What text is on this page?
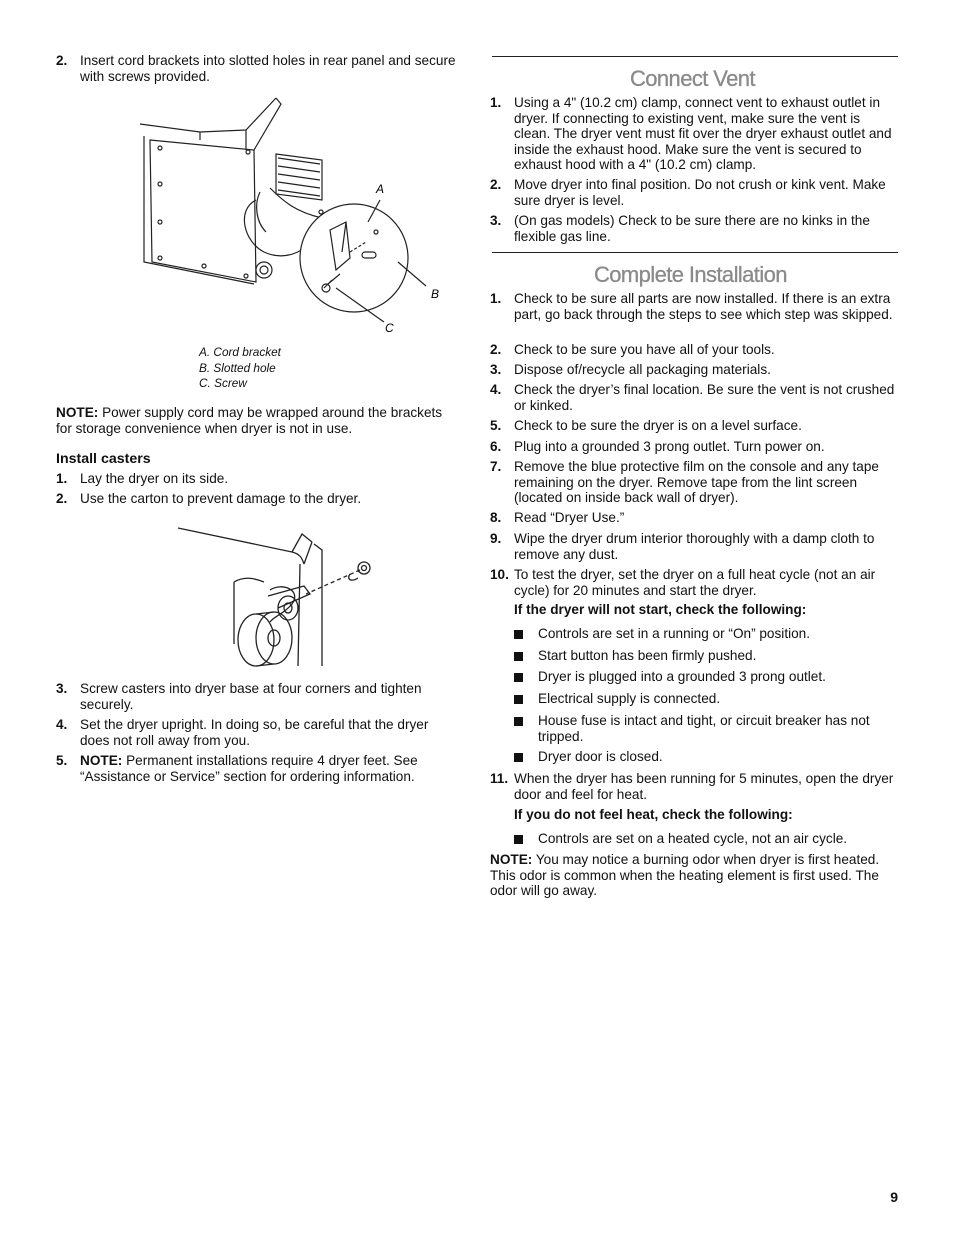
2. Insert cord brackets into slotted holes in rear panel and secure with screws provided.
A
B
C
A. Cord bracket
B. Slotted hole
C. Screw
NOTE: Power supply cord may be wrapped around the brackets for storage convenience when dryer is not in use.
Install casters
1. Lay the dryer on its side.
2. Use the carton to prevent damage to the dryer.
3. Screw casters into dryer base at four corners and tighten securely.
4. Set the dryer upright. In doing so, be careful that the dryer does not roll away from you.
5. NOTE: Permanent installations require 4 dryer feet. See “Assistance or Service” section for ordering information.
Connect Vent
1. Using a 4" (10.2 cm) clamp, connect vent to exhaust outlet in dryer. If connecting to existing vent, make sure the vent is clean. The dryer vent must fit over the dryer exhaust outlet and inside the exhaust hood. Make sure the vent is secured to exhaust hood with a 4" (10.2 cm) clamp.
2. Move dryer into final position. Do not crush or kink vent. Make sure dryer is level.
3. (On gas models) Check to be sure there are no kinks in the flexible gas line.
Complete Installation
1. Check to be sure all parts are now installed. If there is an extra part, go back through the steps to see which step was skipped.
2. Check to be sure you have all of your tools.
3. Dispose of/recycle all packaging materials.
4. Check the dryer’s final location. Be sure the vent is not crushed or kinked.
5. Check to be sure the dryer is on a level surface.
6. Plug into a grounded 3 prong outlet. Turn power on.
7. Remove the blue protective film on the console and any tape remaining on the dryer. Remove tape from the lint screen (located on inside back wall of dryer).
8. Read “Dryer Use.”
9. Wipe the dryer drum interior thoroughly with a damp cloth to remove any dust.
10. To test the dryer, set the dryer on a full heat cycle (not an air cycle) for 20 minutes and start the dryer.
If the dryer will not start, check the following:
Controls are set in a running or “On” position.
Start button has been firmly pushed.
Dryer is plugged into a grounded 3 prong outlet.
Electrical supply is connected.
House fuse is intact and tight, or circuit breaker has not tripped.
Dryer door is closed.
11. When the dryer has been running for 5 minutes, open the dryer door and feel for heat.
If you do not feel heat, check the following:
Controls are set on a heated cycle, not an air cycle.
NOTE: You may notice a burning odor when dryer is first heated. This odor is common when the heating element is first used. The odor will go away.
9
